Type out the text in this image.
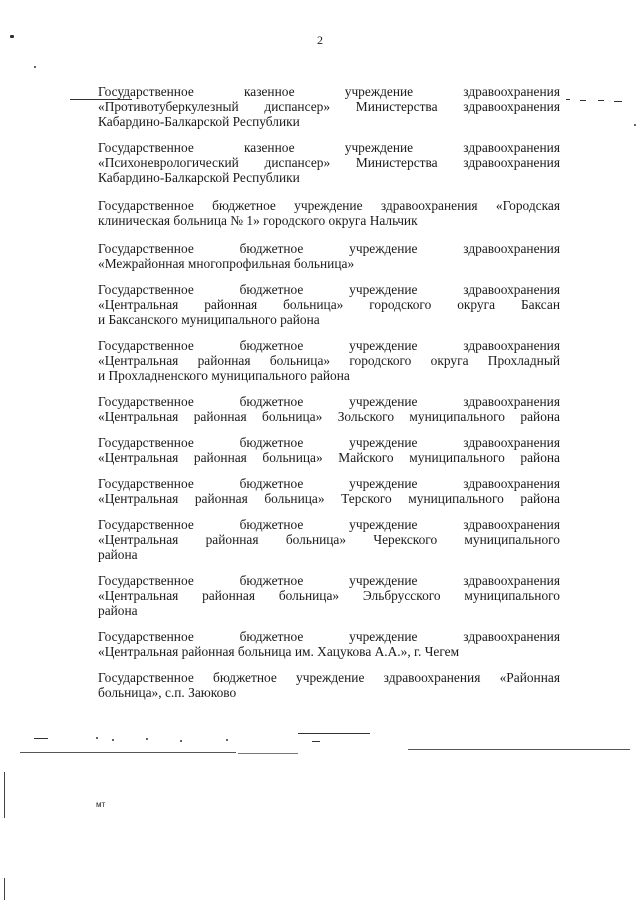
2

Государственное казенное учреждение здравоохранения
«Противотуберкулезный диспансер» Министерства здравоохранения
Кабардино-Балкарской Республики

Государственное казенное учреждение здравоохранения
«Психоневрологический диспансер» Министерства здравоохранения
Кабардино-Балкарской Республики

Государственное бюджетное учреждение здравоохранения «Городская
клиническая больница № 1» городского округа Нальчик

Государственное бюджетное учреждение здравоохранения
«Межрайонная многопрофильная больница»

Государственное бюджетное учреждение здравоохранения
«Центральная районная больница» городского округа Баксан
и Баксанского муниципального района

Государственное бюджетное учреждение здравоохранения
«Центральная районная больница» городского округа Прохладный
и Прохладненского муниципального района

Государственное бюджетное учреждение здравоохранения
«Центральная районная больница» Зольского муниципального района

Государственное бюджетное учреждение здравоохранения
«Центральная районная больница» Майского муниципального района

Государственное бюджетное учреждение здравоохранения
«Центральная районная больница» Терского муниципального района

Государственное бюджетное учреждение здравоохранения
«Центральная районная больница» Черекского муниципального
района

Государственное бюджетное учреждение здравоохранения
«Центральная районная больница» Эльбрусского муниципального
района

Государственное бюджетное учреждение здравоохранения
«Центральная районная больница им. Хацукова А.А.», г. Чегем

Государственное бюджетное учреждение здравоохранения «Районная
больница», с.п. Заюково

мт
